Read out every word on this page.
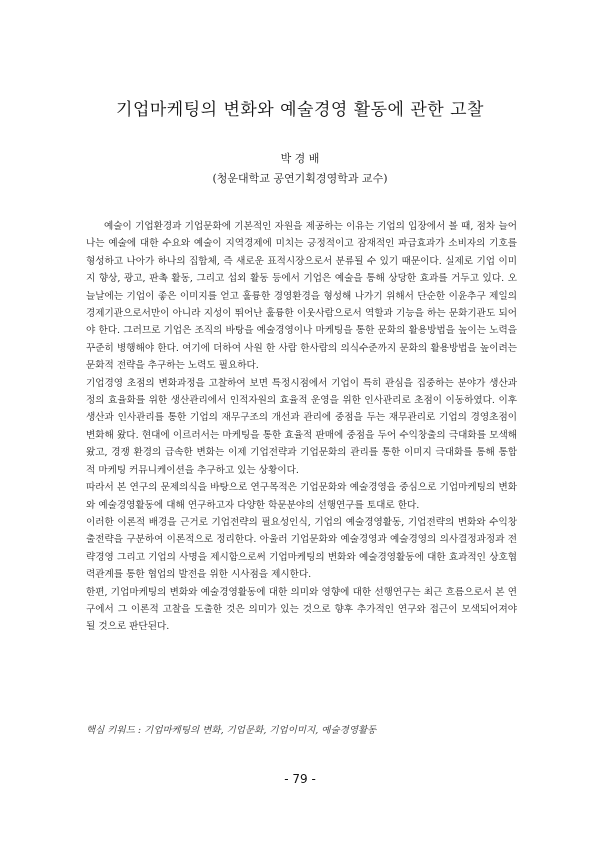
기업마케팅의 변화와 예술경영 활동에 관한 고찰
박 경 배
(청운대학교 공연기획경영학과 교수)

예술이 기업환경과 기업문화에 기본적인 자원을 제공하는 이유는 기업의 입장에서 볼 때, 점차 늘어나는 예술에 대한 수요와 예술이 지역경제에 미치는 긍정적이고 잠재적인 파급효과가 소비자의 기호를 형성하고 나아가 하나의 집합체, 즉 새로운 표적시장으로서 분류될 수 있기 때문이다. 실제로 기업 이미지 향상, 광고, 판촉 활동, 그리고 섭외 활동 등에서 기업은 예술을 통해 상당한 효과를 거두고 있다. 오늘날에는 기업이 좋은 이미지를 얻고 훌륭한 경영환경을 형성해 나가기 위해서 단순한 이윤추구 제일의 경제기관으로서만이 아니라 지성이 뛰어난 훌륭한 이웃사람으로서 역할과 기능을 하는 문화기관도 되어야 한다. 그러므로 기업은 조직의 바탕을 예술경영이나 마케팅을 통한 문화의 활용방법을 높이는 노력을 꾸준히 병행해야 한다. 여기에 더하여 사원 한 사람 한사람의 의식수준까지 문화의 활용방법을 높이려는 문화적 전략을 추구하는 노력도 필요하다.

기업경영 초점의 변화과정을 고찰하여 보면 특정시점에서 기업이 특히 관심을 집중하는 분야가 생산과정의 효율화를 위한 생산관리에서 인적자원의 효율적 운영을 위한 인사관리로 초점이 이동하였다. 이후 생산과 인사관리를 통한 기업의 재무구조의 개선과 관리에 중점을 두는 재무관리로 기업의 경영초점이 변화해 왔다. 현대에 이르러서는 마케팅을 통한 효율적 판매에 중점을 두어 수익창출의 극대화를 모색해 왔고, 경쟁 환경의 급속한 변화는 이제 기업전략과 기업문화의 관리를 통한 이미지 극대화를 통해 통합적 마케팅 커뮤니케이션을 추구하고 있는 상황이다.

따라서 본 연구의 문제의식을 바탕으로 연구목적은 기업문화와 예술경영을 중심으로 기업마케팅의 변화와 예술경영활동에 대해 연구하고자 다양한 학문분야의 선행연구를 토대로 한다.

이러한 이론적 배경을 근거로 기업전략의 필요성인식, 기업의 예술경영활동, 기업전략의 변화와 수익창출전략을 구분하여 이론적으로 정리한다. 아울러 기업문화와 예술경영과 예술경영의 의사결정과정과 전략경영 그리고 기업의 사명을 제시함으로써 기업마케팅의 변화와 예술경영활동에 대한 효과적인 상호협력관계를 통한 협업의 발전을 위한 시사점을 제시한다.

한편, 기업마케팅의 변화와 예술경영활동에 대한 의미와 영향에 대한 선행연구는 최근 흐름으로서 본 연구에서 그 이론적 고찰을 도출한 것은 의미가 있는 것으로 향후 추가적인 연구와 접근이 모색되어져야 될 것으로 판단된다.

핵심 키워드 : 기업마케팅의 변화, 기업문화, 기업이미지, 예술경영활동
- 79 -
